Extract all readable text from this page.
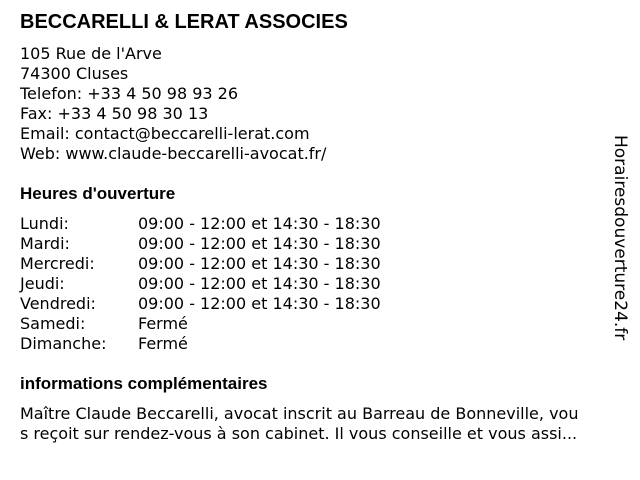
BECCARELLI & LERAT ASSOCIES
105 Rue de l'Arve
74300 Cluses
Telefon: +33 4 50 98 93 26
Fax: +33 4 50 98 30 13
Email: contact@beccarelli-lerat.com
Web: www.claude-beccarelli-avocat.fr/
Heures d'ouverture
Lundi:	09:00 - 12:00 et 14:30 - 18:30
Mardi:	09:00 - 12:00 et 14:30 - 18:30
Mercredi:	09:00 - 12:00 et 14:30 - 18:30
Jeudi:	09:00 - 12:00 et 14:30 - 18:30
Vendredi:	09:00 - 12:00 et 14:30 - 18:30
Samedi:	Fermé
Dimanche:	Fermé
informations complémentaires
Maître Claude Beccarelli, avocat inscrit au Barreau de Bonneville, vou
s reçoit sur rendez-vous à son cabinet. Il vous conseille et vous assi...
Horairesdouverture24.fr
